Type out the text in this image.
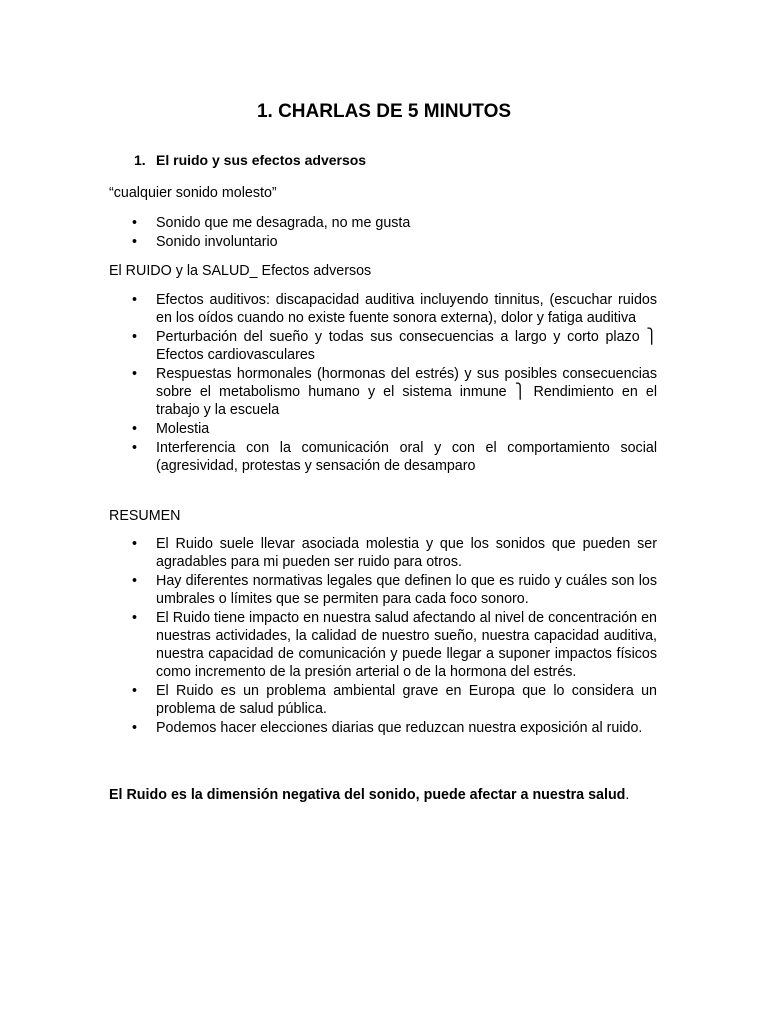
1. CHARLAS DE 5 MINUTOS

1. El ruido y sus efectos adversos

“cualquier sonido molesto”

•	Sonido que me desagrada, no me gusta
•	Sonido involuntario

El RUIDO y la SALUD_ Efectos adversos

•	Efectos auditivos: discapacidad auditiva incluyendo tinnitus, (escuchar ruidos en los oídos cuando no existe fuente sonora externa), dolor y fatiga auditiva
•	Perturbación del sueño y todas sus consecuencias a largo y corto plazo ⎫ Efectos cardiovasculares
•	Respuestas hormonales (hormonas del estrés) y sus posibles consecuencias sobre el metabolismo humano y el sistema inmune ⎫ Rendimiento en el trabajo y la escuela
•	Molestia
•	Interferencia con la comunicación oral y con el comportamiento social (agresividad, protestas y sensación de desamparo

RESUMEN

•	El Ruido suele llevar asociada molestia y que los sonidos que pueden ser agradables para mi pueden ser ruido para otros.
•	Hay diferentes normativas legales que definen lo que es ruido y cuáles son los umbrales o límites que se permiten para cada foco sonoro.
•	El Ruido tiene impacto en nuestra salud afectando al nivel de concentración en nuestras actividades, la calidad de nuestro sueño, nuestra capacidad auditiva, nuestra capacidad de comunicación y puede llegar a suponer impactos físicos como incremento de la presión arterial o de la hormona del estrés.
•	El Ruido es un problema ambiental grave en Europa que lo considera un problema de salud pública.
•	Podemos hacer elecciones diarias que reduzcan nuestra exposición al ruido.

El Ruido es la dimensión negativa del sonido, puede afectar a nuestra salud.
